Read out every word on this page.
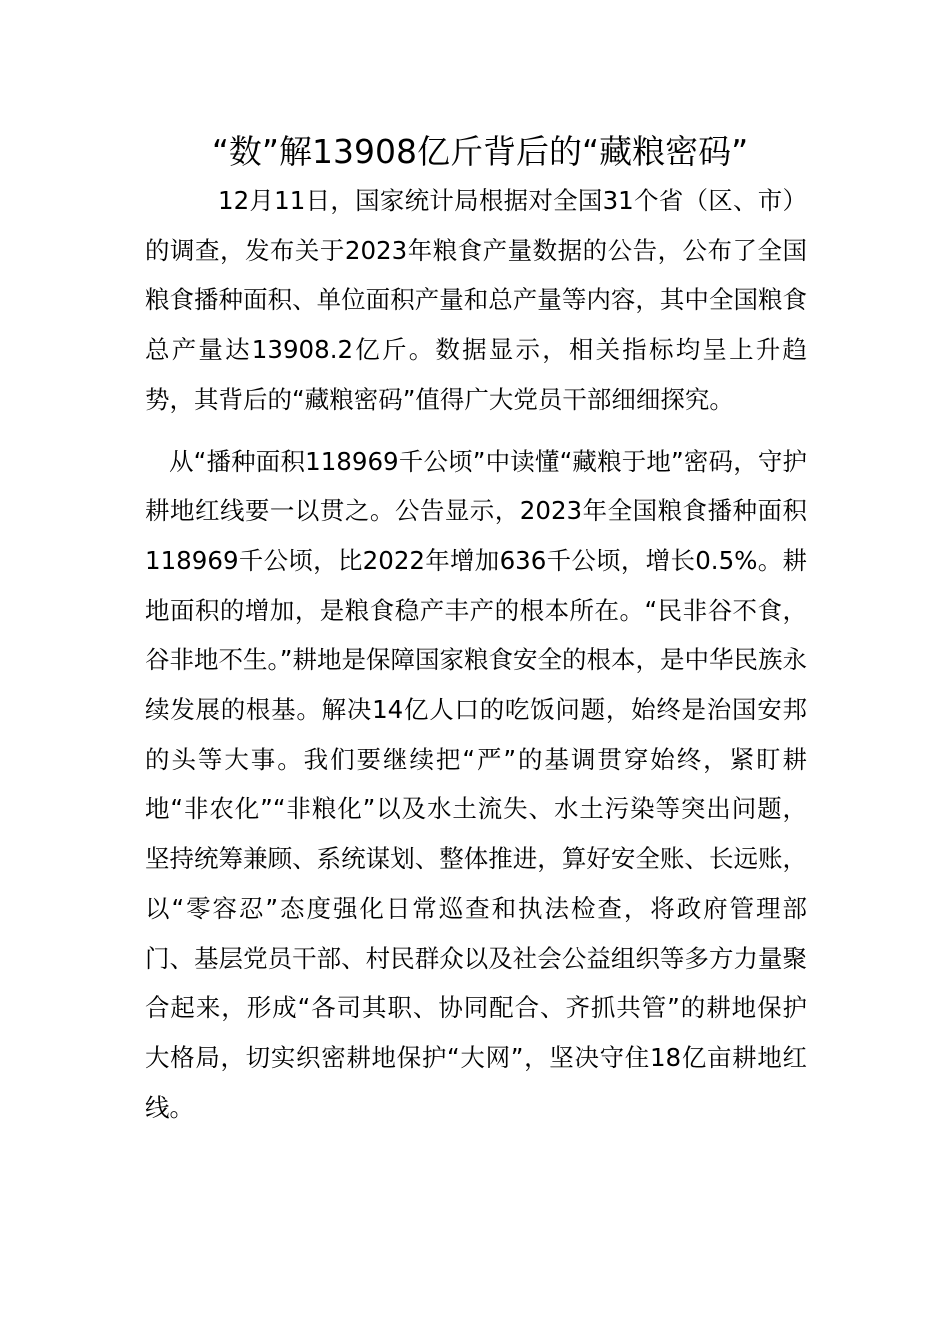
“数”解13908亿斤背后的“藏粮密码”

12月11日，国家统计局根据对全国31个省（区、市）的调查，发布关于2023年粮食产量数据的公告，公布了全国粮食播种面积、单位面积产量和总产量等内容，其中全国粮食总产量达13908.2亿斤。数据显示，相关指标均呈上升趋势，其背后的“藏粮密码”值得广大党员干部细细探究。

从“播种面积118969千公顷”中读懂“藏粮于地”密码，守护耕地红线要一以贯之。公告显示，2023年全国粮食播种面积118969千公顷，比2022年增加636千公顷，增长0.5%。耕地面积的增加，是粮食稳产丰产的根本所在。“民非谷不食，谷非地不生。”耕地是保障国家粮食安全的根本，是中华民族永续发展的根基。解决14亿人口的吃饭问题，始终是治国安邦的头等大事。我们要继续把“严”的基调贯穿始终，紧盯耕地“非农化”“非粮化”以及水土流失、水土污染等突出问题，坚持统筹兼顾、系统谋划、整体推进，算好安全账、长远账，以“零容忍”态度强化日常巡查和执法检查，将政府管理部门、基层党员干部、村民群众以及社会公益组织等多方力量聚合起来，形成“各司其职、协同配合、齐抓共管”的耕地保护大格局，切实织密耕地保护“大网”，坚决守住18亿亩耕地红线。
